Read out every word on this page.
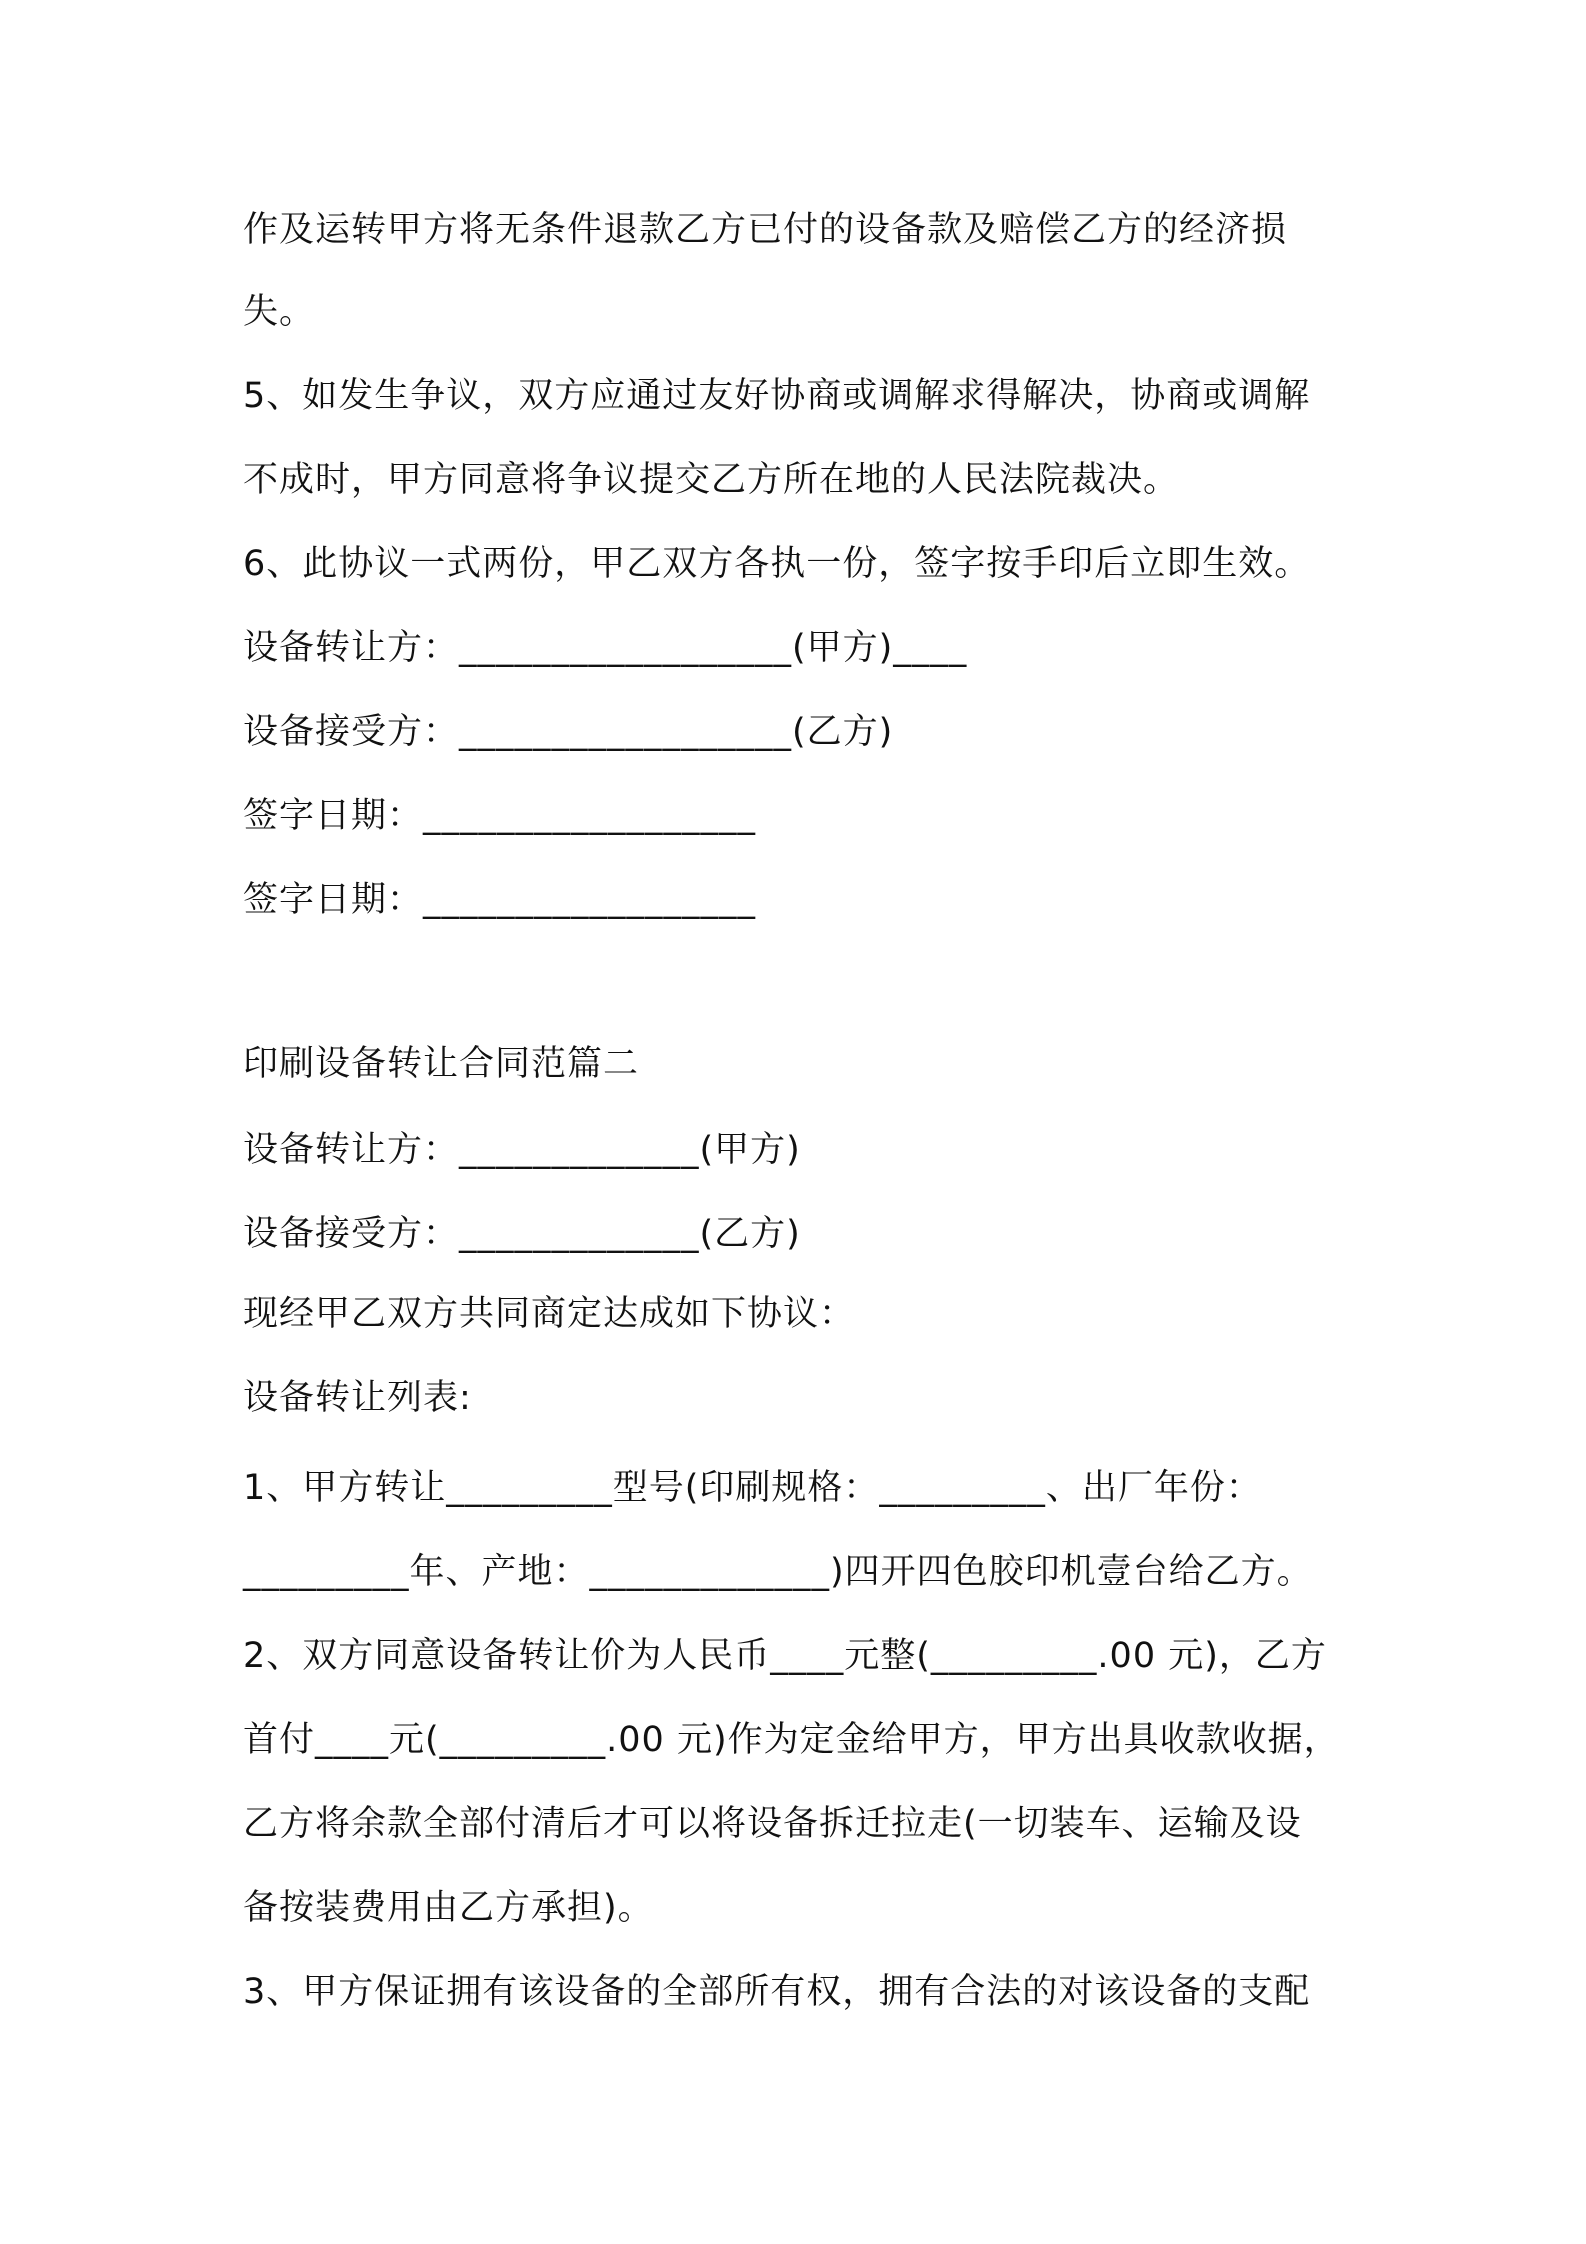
作及运转甲方将无条件退款乙方已付的设备款及赔偿乙方的经济损
失。
5、如发生争议，双方应通过友好协商或调解求得解决，协商或调解
不成时，甲方同意将争议提交乙方所在地的人民法院裁决。
6、此协议一式两份，甲乙双方各执一份，签字按手印后立即生效。
设备转让方：__________________(甲方)____
设备接受方：__________________(乙方)
签字日期：__________________
签字日期：__________________
印刷设备转让合同范篇二
设备转让方：_____________(甲方)
设备接受方：_____________(乙方)
现经甲乙双方共同商定达成如下协议：
设备转让列表:
1、甲方转让_________型号(印刷规格：_________、出厂年份：
_________年、产地：_____________)四开四色胶印机壹台给乙方。
2、双方同意设备转让价为人民币____元整(_________.00 元)，乙方
首付____元(_________.00 元)作为定金给甲方，甲方出具收款收据，
乙方将余款全部付清后才可以将设备拆迁拉走(一切装车、运输及设
备按装费用由乙方承担)。
3、甲方保证拥有该设备的全部所有权，拥有合法的对该设备的支配
